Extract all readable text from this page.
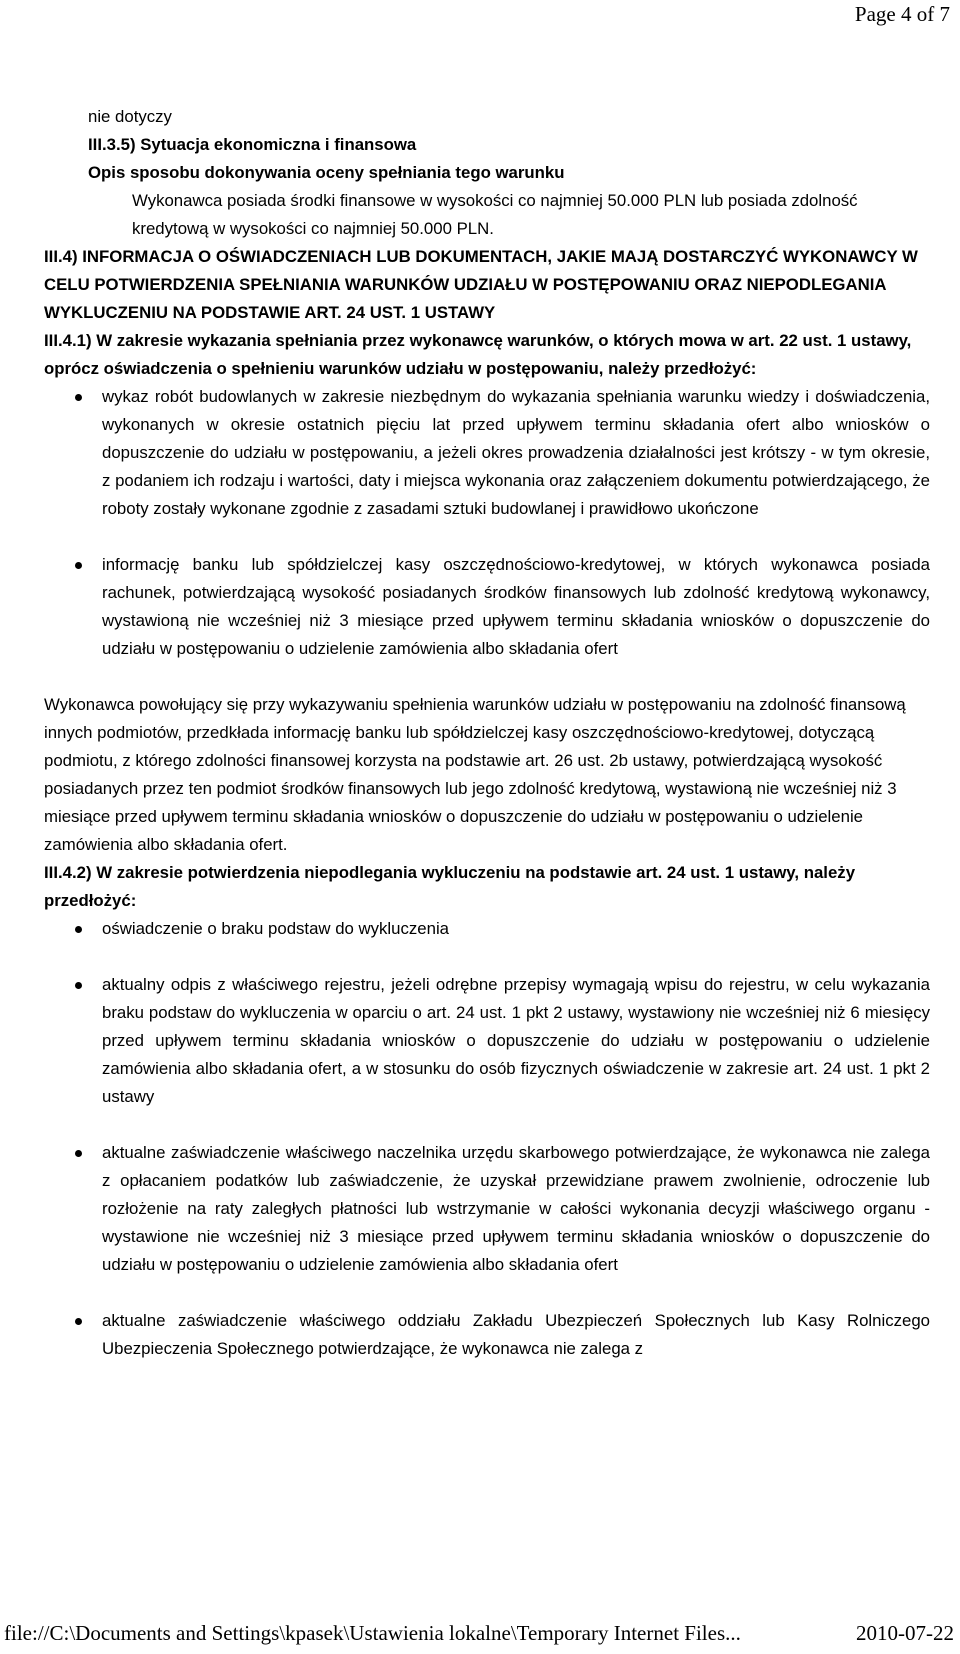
Page 4 of 7

nie dotyczy

III.3.5) Sytuacja ekonomiczna i finansowa

Opis sposobu dokonywania oceny spełniania tego warunku

Wykonawca posiada środki finansowe w wysokości co najmniej 50.000 PLN lub posiada zdolność kredytową w wysokości co najmniej 50.000 PLN.

III.4) INFORMACJA O OŚWIADCZENIACH LUB DOKUMENTACH, JAKIE MAJĄ DOSTARCZYĆ WYKONAWCY W CELU POTWIERDZENIA SPEŁNIANIA WARUNKÓW UDZIAŁU W POSTĘPOWANIU ORAZ NIEPODLEGANIA WYKLUCZENIU NA PODSTAWIE ART. 24 UST. 1 USTAWY

III.4.1) W zakresie wykazania spełniania przez wykonawcę warunków, o których mowa w art. 22 ust. 1 ustawy, oprócz oświadczenia o spełnieniu warunków udziału w postępowaniu, należy przedłożyć:

wykaz robót budowlanych w zakresie niezbędnym do wykazania spełniania warunku wiedzy i doświadczenia, wykonanych w okresie ostatnich pięciu lat przed upływem terminu składania ofert albo wniosków o dopuszczenie do udziału w postępowaniu, a jeżeli okres prowadzenia działalności jest krótszy - w tym okresie, z podaniem ich rodzaju i wartości, daty i miejsca wykonania oraz załączeniem dokumentu potwierdzającego, że roboty zostały wykonane zgodnie z zasadami sztuki budowlanej i prawidłowo ukończone
informację banku lub spółdzielczej kasy oszczędnościowo-kredytowej, w których wykonawca posiada rachunek, potwierdzającą wysokość posiadanych środków finansowych lub zdolność kredytową wykonawcy, wystawioną nie wcześniej niż 3 miesiące przed upływem terminu składania wniosków o dopuszczenie do udziału w postępowaniu o udzielenie zamówienia albo składania ofert

Wykonawca powołujący się przy wykazywaniu spełnienia warunków udziału w postępowaniu na zdolność finansową innych podmiotów, przedkłada informację banku lub spółdzielczej kasy oszczędnościowo-kredytowej, dotyczącą podmiotu, z którego zdolności finansowej korzysta na podstawie art. 26 ust. 2b ustawy, potwierdzającą wysokość posiadanych przez ten podmiot środków finansowych lub jego zdolność kredytową, wystawioną nie wcześniej niż 3 miesiące przed upływem terminu składania wniosków o dopuszczenie do udziału w postępowaniu o udzielenie zamówienia albo składania ofert.

III.4.2) W zakresie potwierdzenia niepodlegania wykluczeniu na podstawie art. 24 ust. 1 ustawy, należy przedłożyć:

oświadczenie o braku podstaw do wykluczenia
aktualny odpis z właściwego rejestru, jeżeli odrębne przepisy wymagają wpisu do rejestru, w celu wykazania braku podstaw do wykluczenia w oparciu o art. 24 ust. 1 pkt 2 ustawy, wystawiony nie wcześniej niż 6 miesięcy przed upływem terminu składania wniosków o dopuszczenie do udziału w postępowaniu o udzielenie zamówienia albo składania ofert, a w stosunku do osób fizycznych oświadczenie w zakresie art. 24 ust. 1 pkt 2 ustawy
aktualne zaświadczenie właściwego naczelnika urzędu skarbowego potwierdzające, że wykonawca nie zalega z opłacaniem podatków lub zaświadczenie, że uzyskał przewidziane prawem zwolnienie, odroczenie lub rozłożenie na raty zaległych płatności lub wstrzymanie w całości wykonania decyzji właściwego organu - wystawione nie wcześniej niż 3 miesiące przed upływem terminu składania wniosków o dopuszczenie do udziału w postępowaniu o udzielenie zamówienia albo składania ofert
aktualne zaświadczenie właściwego oddziału Zakładu Ubezpieczeń Społecznych lub Kasy Rolniczego Ubezpieczenia Społecznego potwierdzające, że wykonawca nie zalega z
file://C:\Documents and Settings\kpasek\Ustawienia lokalne\Temporary Internet Files...	2010-07-22
